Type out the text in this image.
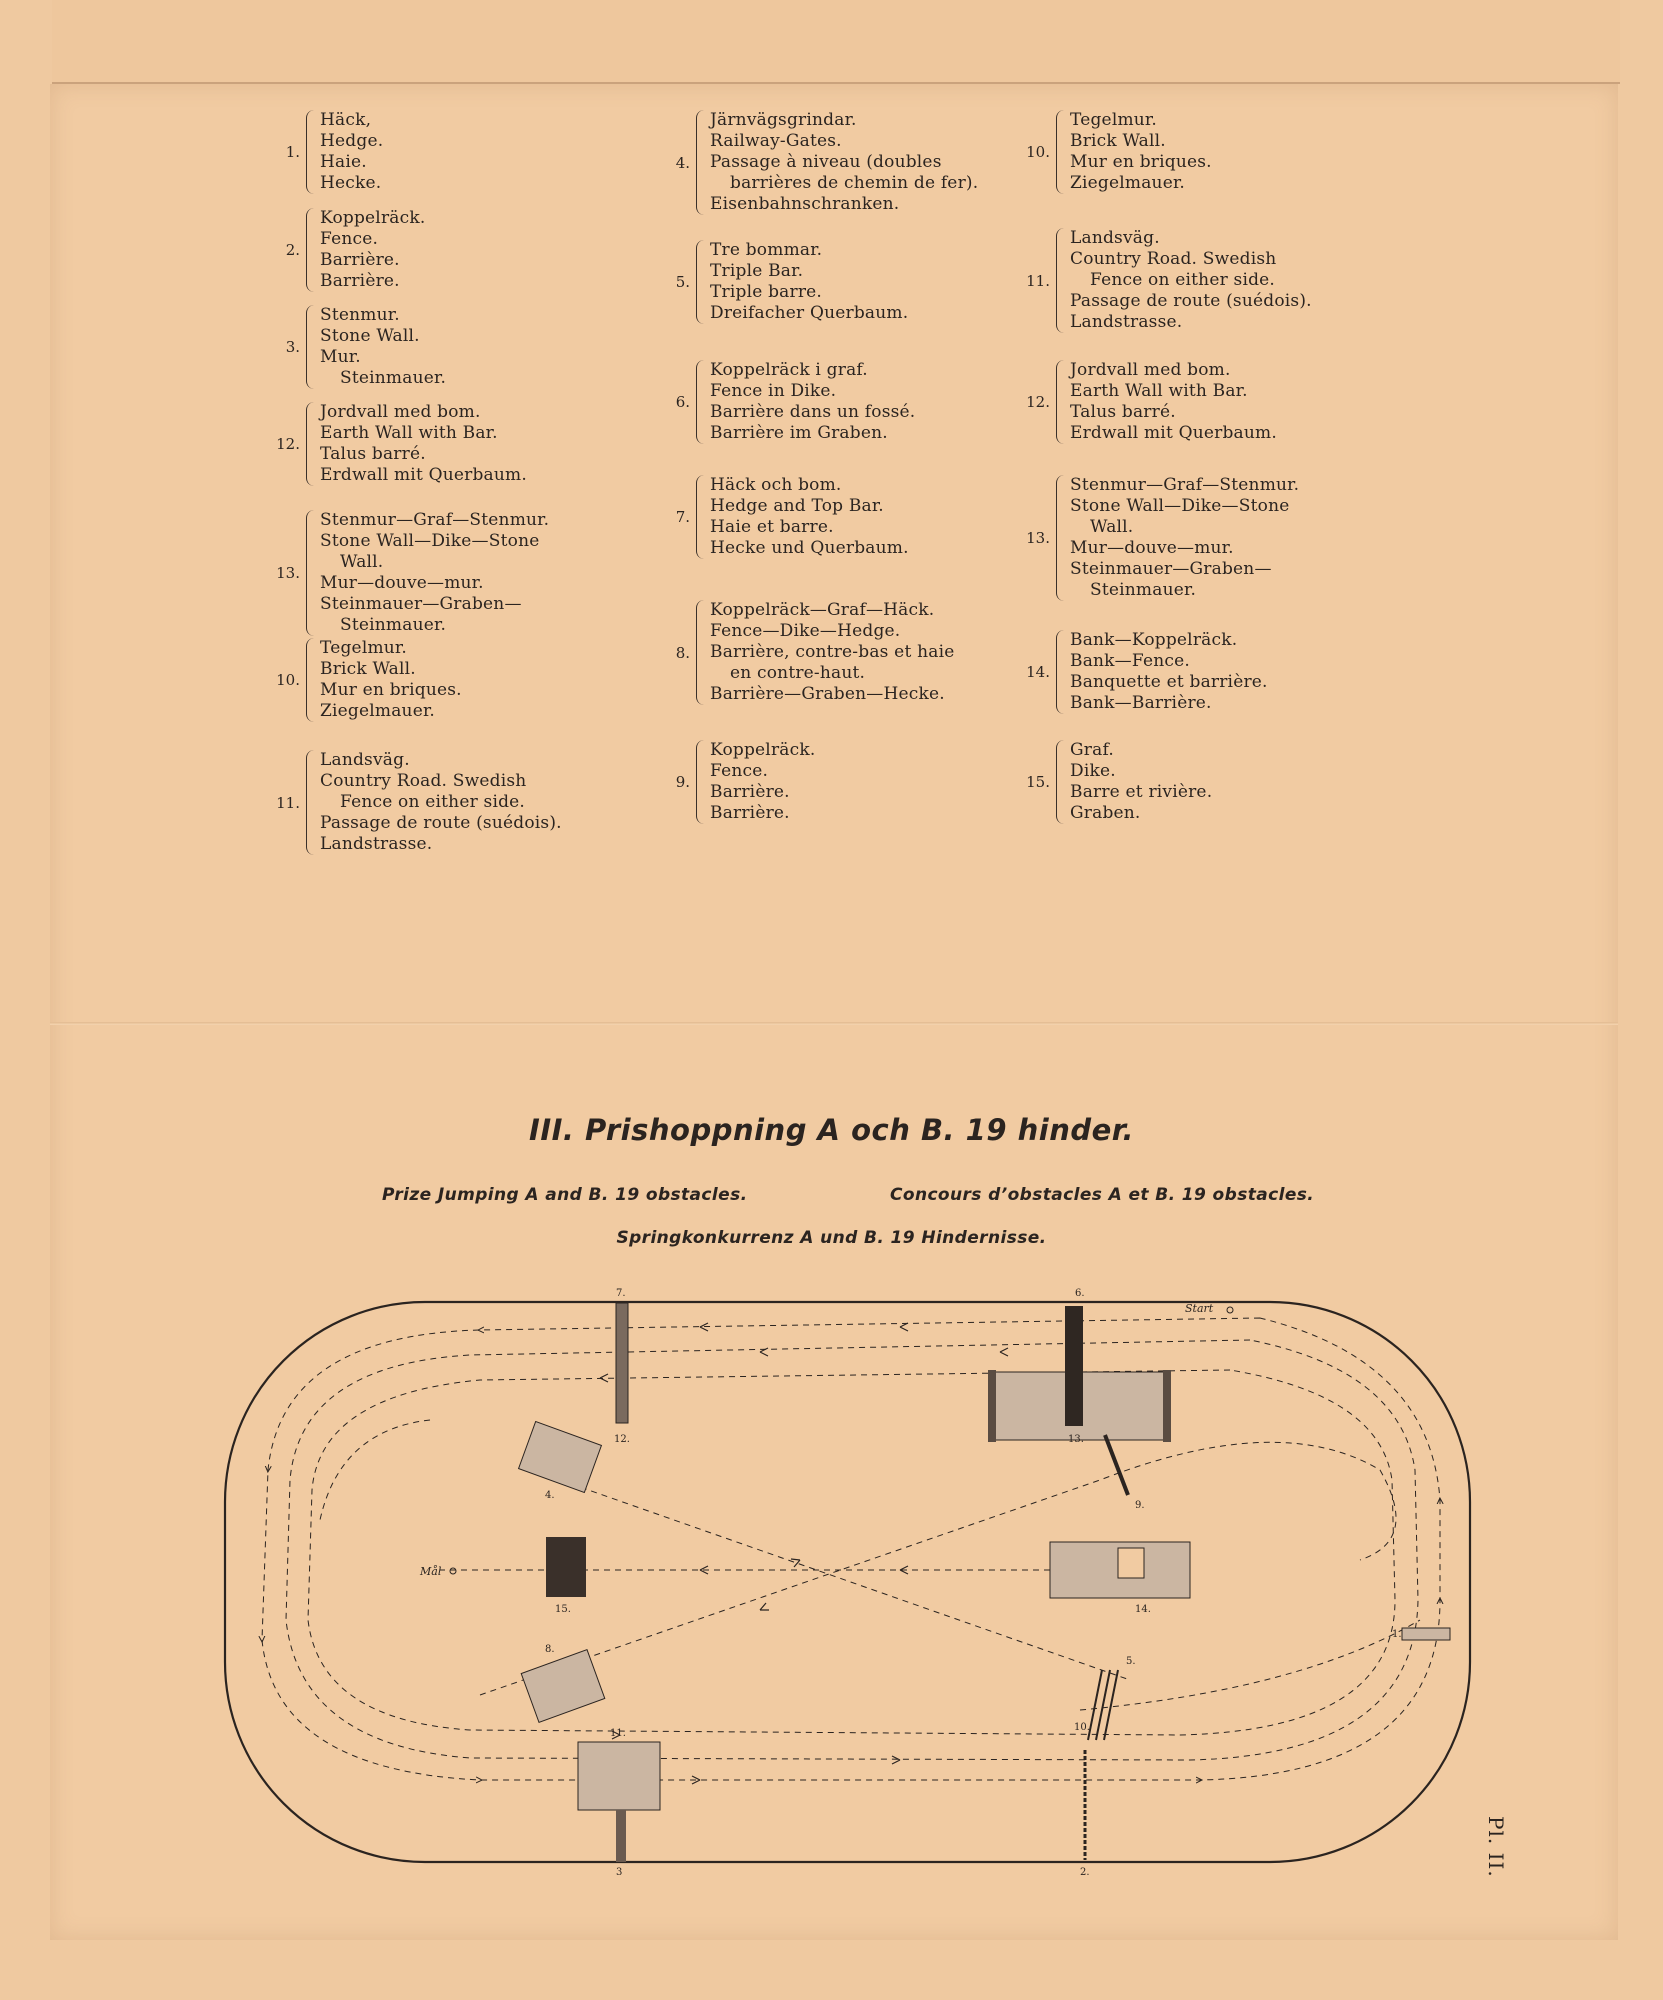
1.
Häck,
Hedge.
Haie.
Hecke.
2.
Koppelräck.
Fence.
Barrière.
Barrière.
3.
Stenmur.
Stone Wall.
Mur.
Steinmauer.
12.
Jordvall med bom.
Earth Wall with Bar.
Talus barré.
Erdwall mit Querbaum.
13.
Stenmur—Graf—Stenmur.
Stone Wall—Dike—Stone
Wall.
Mur—douve—mur.
Steinmauer—Graben—
Steinmauer.
10.
Tegelmur.
Brick Wall.
Mur en briques.
Ziegelmauer.
11.
Landsväg.
Country Road. Swedish
Fence on either side.
Passage de route (suédois).
Landstrasse.
4.
Järnvägsgrindar.
Railway-Gates.
Passage à niveau (doubles
barrières de chemin de fer).
Eisenbahnschranken.
5.
Tre bommar.
Triple Bar.
Triple barre.
Dreifacher Querbaum.
6.
Koppelräck i graf.
Fence in Dike.
Barrière dans un fossé.
Barrière im Graben.
7.
Häck och bom.
Hedge and Top Bar.
Haie et barre.
Hecke und Querbaum.
8.
Koppelräck—Graf—Häck.
Fence—Dike—Hedge.
Barrière, contre-bas et haie
en contre-haut.
Barrière—Graben—Hecke.
9.
Koppelräck.
Fence.
Barrière.
Barrière.
10.
Tegelmur.
Brick Wall.
Mur en briques.
Ziegelmauer.
11.
Landsväg.
Country Road. Swedish
Fence on either side.
Passage de route (suédois).
Landstrasse.
12.
Jordvall med bom.
Earth Wall with Bar.
Talus barré.
Erdwall mit Querbaum.
13.
Stenmur—Graf—Stenmur.
Stone Wall—Dike—Stone
Wall.
Mur—douve—mur.
Steinmauer—Graben—
Steinmauer.
14.
Bank—Koppelräck.
Bank—Fence.
Banquette et barrière.
Bank—Barrière.
15.
Graf.
Dike.
Barre et rivière.
Graben.
III. Prishoppning A och B. 19 hinder.
Prize Jumping A and B. 19 obstacles.	Concours d’obstacles A et B. 19 obstacles.
Springkonkurrenz A und B. 19 Hindernisse.
Start
Mål
1.
2.
3
4.
5.
6.
7.
8.
9.
10.
11.
12.	13.
14.
15.
Pl. II.
